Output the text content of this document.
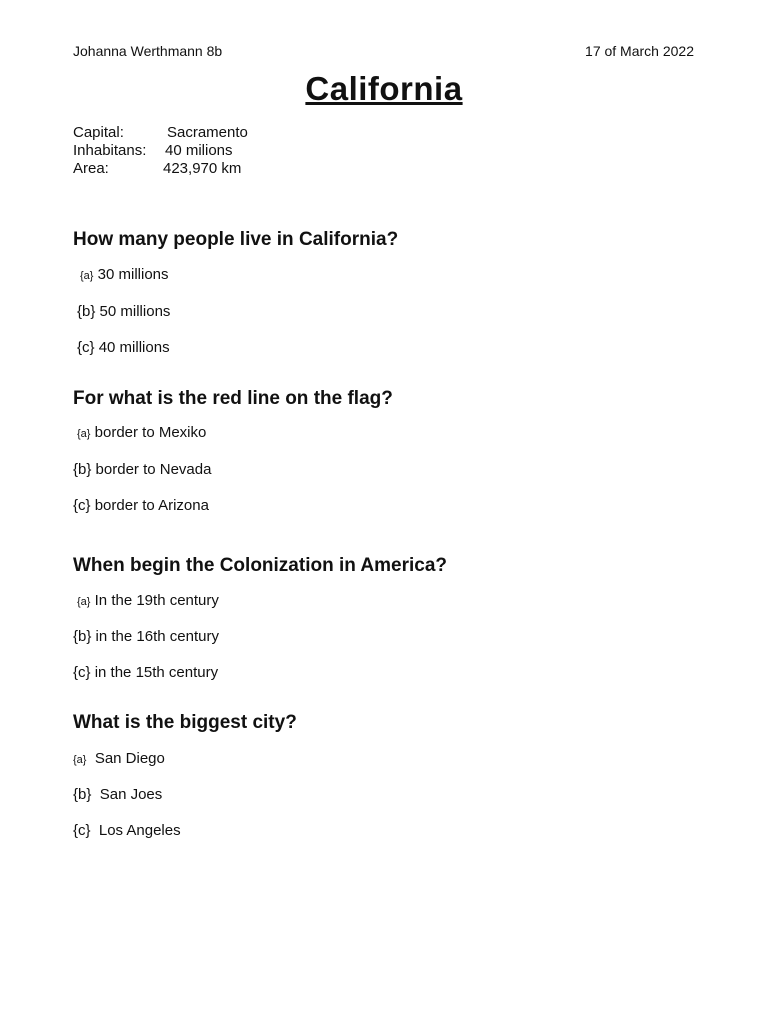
Johanna Werthmann 8b	17 of March 2022
California
Capital:	Sacramento
Inhabitans: 40 milions
Area:	423,970 km
How many people live in California?
{a} 30 millions
{b} 50 millions
{c} 40 millions
For what is the red line on the flag?
{a} border to Mexiko
{b} border to Nevada
{c} border to Arizona
When begin the Colonization in America?
{a} In the 19th century
{b} in the 16th century
{c} in the 15th century
What is the biggest city?
{a} San Diego
{b} San Joes
{c} Los Angeles
